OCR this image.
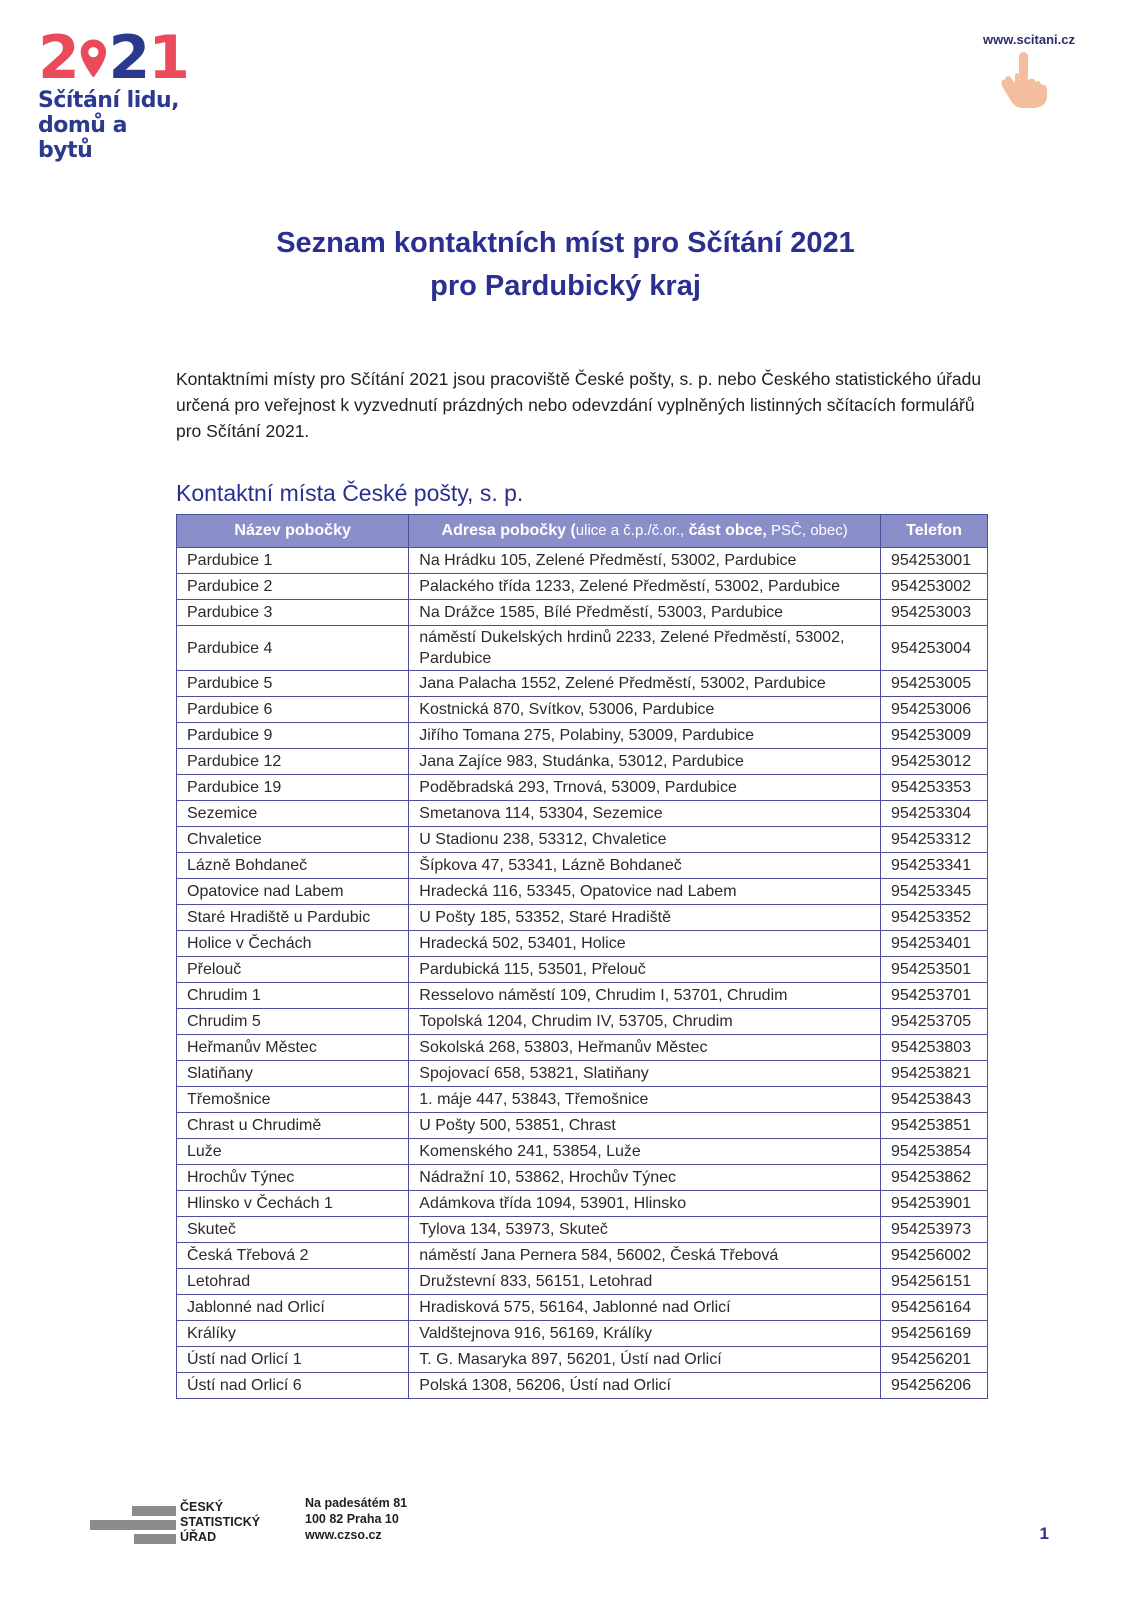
2 2 1
Sčítání lidu,
domů a bytů
www.scitani.cz
Seznam kontaktních míst pro Sčítání 2021
pro Pardubický kraj
Kontaktními místy pro Sčítání 2021 jsou pracoviště České pošty, s. p. nebo Českého statistického úřadu určená pro veřejnost k vyzvednutí prázdných nebo odevzdání vyplněných listinných sčítacích formulářů pro Sčítání 2021.
Kontaktní místa České pošty, s. p.
Název pobočky	Adresa pobočky (ulice a č.p./č.or., část obce, PSČ, obec)	Telefon
Pardubice 1	Na Hrádku 105, Zelené Předměstí, 53002, Pardubice	954253001
Pardubice 2	Palackého třída 1233, Zelené Předměstí, 53002, Pardubice	954253002
Pardubice 3	Na Drážce 1585, Bílé Předměstí, 53003, Pardubice	954253003
Pardubice 4	náměstí Dukelských hrdinů 2233, Zelené Předměstí, 53002, Pardubice	954253004
Pardubice 5	Jana Palacha 1552, Zelené Předměstí, 53002, Pardubice	954253005
Pardubice 6	Kostnická 870, Svítkov, 53006, Pardubice	954253006
Pardubice 9	Jiřího Tomana 275, Polabiny, 53009, Pardubice	954253009
Pardubice 12	Jana Zajíce 983, Studánka, 53012, Pardubice	954253012
Pardubice 19	Poděbradská 293, Trnová, 53009, Pardubice	954253353
Sezemice	Smetanova 114, 53304, Sezemice	954253304
Chvaletice	U Stadionu 238, 53312, Chvaletice	954253312
Lázně Bohdaneč	Šípkova 47, 53341, Lázně Bohdaneč	954253341
Opatovice nad Labem	Hradecká 116, 53345, Opatovice nad Labem	954253345
Staré Hradiště u Pardubic	U Pošty 185, 53352, Staré Hradiště	954253352
Holice v Čechách	Hradecká 502, 53401, Holice	954253401
Přelouč	Pardubická 115, 53501, Přelouč	954253501
Chrudim 1	Resselovo náměstí 109, Chrudim I, 53701, Chrudim	954253701
Chrudim 5	Topolská 1204, Chrudim IV, 53705, Chrudim	954253705
Heřmanův Městec	Sokolská 268, 53803, Heřmanův Městec	954253803
Slatiňany	Spojovací 658, 53821, Slatiňany	954253821
Třemošnice	1. máje 447, 53843, Třemošnice	954253843
Chrast u Chrudimě	U Pošty 500, 53851, Chrast	954253851
Luže	Komenského 241, 53854, Luže	954253854
Hrochův Týnec	Nádražní 10, 53862, Hrochův Týnec	954253862
Hlinsko v Čechách 1	Adámkova třída 1094, 53901, Hlinsko	954253901
Skuteč	Tylova 134, 53973, Skuteč	954253973
Česká Třebová 2	náměstí Jana Pernera 584, 56002, Česká Třebová	954256002
Letohrad	Družstevní 833, 56151, Letohrad	954256151
Jablonné nad Orlicí	Hradisková 575, 56164, Jablonné nad Orlicí	954256164
Králíky	Valdštejnova 916, 56169, Králíky	954256169
Ústí nad Orlicí 1	T. G. Masaryka 897, 56201, Ústí nad Orlicí	954256201
Ústí nad Orlicí 6	Polská 1308, 56206, Ústí nad Orlicí	954256206
ČESKÝ
STATISTICKÝ
ÚŘAD
Na padesátém 81
100 82 Praha 10
www.czso.cz	1
